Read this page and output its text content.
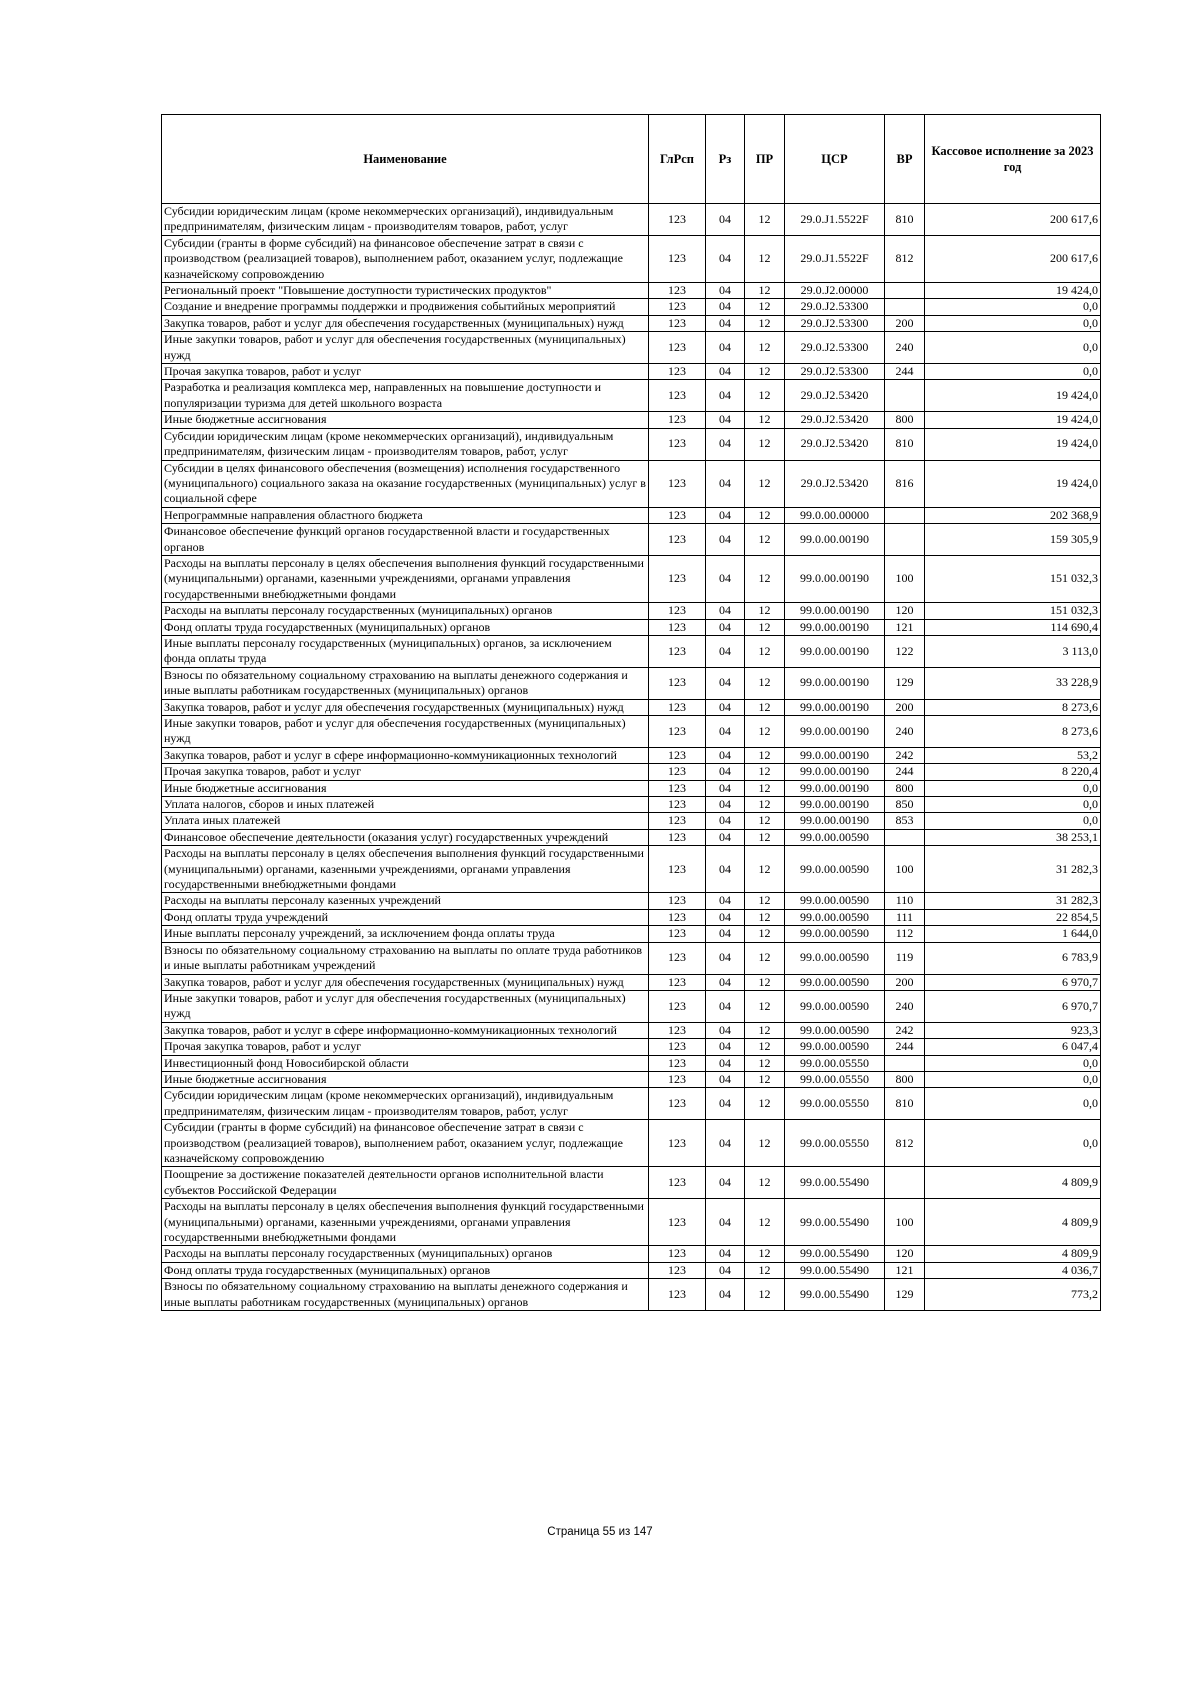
Наименование	ГлРсп	Рз	ПР	ЦСР	ВР	Кассовое исполнение за 2023 год
Субсидии юридическим лицам (кроме некоммерческих организаций), индивидуальным предпринимателям, физическим лицам - производителям товаров, работ, услуг	123	04	12	29.0.J1.5522F	810	200 617,6
Субсидии (гранты в форме субсидий) на финансовое обеспечение затрат в связи с производством (реализацией товаров), выполнением работ, оказанием услуг, подлежащие казначейскому сопровождению	123	04	12	29.0.J1.5522F	812	200 617,6
Региональный проект "Повышение доступности туристических продуктов"	123	04	12	29.0.J2.00000		19 424,0
Создание и внедрение программы поддержки и продвижения событийных мероприятий	123	04	12	29.0.J2.53300		0,0
Закупка товаров, работ и услуг для обеспечения государственных (муниципальных) нужд	123	04	12	29.0.J2.53300	200	0,0
Иные закупки товаров, работ и услуг для обеспечения государственных (муниципальных) нужд	123	04	12	29.0.J2.53300	240	0,0
Прочая закупка товаров, работ и услуг	123	04	12	29.0.J2.53300	244	0,0
Разработка и реализация комплекса мер, направленных на повышение доступности и популяризации туризма для детей школьного возраста	123	04	12	29.0.J2.53420		19 424,0
Иные бюджетные ассигнования	123	04	12	29.0.J2.53420	800	19 424,0
Субсидии юридическим лицам (кроме некоммерческих организаций), индивидуальным предпринимателям, физическим лицам - производителям товаров, работ, услуг	123	04	12	29.0.J2.53420	810	19 424,0
Субсидии в целях финансового обеспечения (возмещения) исполнения государственного (муниципального) социального заказа на оказание государственных (муниципальных) услуг в социальной сфере	123	04	12	29.0.J2.53420	816	19 424,0
Непрограммные направления областного бюджета	123	04	12	99.0.00.00000		202 368,9
Финансовое обеспечение функций органов государственной власти и государственных органов	123	04	12	99.0.00.00190		159 305,9
Расходы на выплаты персоналу в целях обеспечения выполнения функций государственными (муниципальными) органами, казенными учреждениями, органами управления государственными внебюджетными фондами	123	04	12	99.0.00.00190	100	151 032,3
Расходы на выплаты персоналу государственных (муниципальных) органов	123	04	12	99.0.00.00190	120	151 032,3
Фонд оплаты труда государственных (муниципальных) органов	123	04	12	99.0.00.00190	121	114 690,4
Иные выплаты персоналу государственных (муниципальных) органов, за исключением фонда оплаты труда	123	04	12	99.0.00.00190	122	3 113,0
Взносы по обязательному социальному страхованию на выплаты денежного содержания и иные выплаты работникам государственных (муниципальных) органов	123	04	12	99.0.00.00190	129	33 228,9
Закупка товаров, работ и услуг для обеспечения государственных (муниципальных) нужд	123	04	12	99.0.00.00190	200	8 273,6
Иные закупки товаров, работ и услуг для обеспечения государственных (муниципальных) нужд	123	04	12	99.0.00.00190	240	8 273,6
Закупка товаров, работ и услуг в сфере информационно-коммуникационных технологий	123	04	12	99.0.00.00190	242	53,2
Прочая закупка товаров, работ и услуг	123	04	12	99.0.00.00190	244	8 220,4
Иные бюджетные ассигнования	123	04	12	99.0.00.00190	800	0,0
Уплата налогов, сборов и иных платежей	123	04	12	99.0.00.00190	850	0,0
Уплата иных платежей	123	04	12	99.0.00.00190	853	0,0
Финансовое обеспечение деятельности (оказания услуг) государственных учреждений	123	04	12	99.0.00.00590		38 253,1
Расходы на выплаты персоналу в целях обеспечения выполнения функций государственными (муниципальными) органами, казенными учреждениями, органами управления государственными внебюджетными фондами	123	04	12	99.0.00.00590	100	31 282,3
Расходы на выплаты персоналу казенных учреждений	123	04	12	99.0.00.00590	110	31 282,3
Фонд оплаты труда учреждений	123	04	12	99.0.00.00590	111	22 854,5
Иные выплаты персоналу учреждений, за исключением фонда оплаты труда	123	04	12	99.0.00.00590	112	1 644,0
Взносы по обязательному социальному страхованию на выплаты по оплате труда работников и иные выплаты работникам учреждений	123	04	12	99.0.00.00590	119	6 783,9
Закупка товаров, работ и услуг для обеспечения государственных (муниципальных) нужд	123	04	12	99.0.00.00590	200	6 970,7
Иные закупки товаров, работ и услуг для обеспечения государственных (муниципальных) нужд	123	04	12	99.0.00.00590	240	6 970,7
Закупка товаров, работ и услуг в сфере информационно-коммуникационных технологий	123	04	12	99.0.00.00590	242	923,3
Прочая закупка товаров, работ и услуг	123	04	12	99.0.00.00590	244	6 047,4
Инвестиционный фонд Новосибирской области	123	04	12	99.0.00.05550		0,0
Иные бюджетные ассигнования	123	04	12	99.0.00.05550	800	0,0
Субсидии юридическим лицам (кроме некоммерческих организаций), индивидуальным предпринимателям, физическим лицам - производителям товаров, работ, услуг	123	04	12	99.0.00.05550	810	0,0
Субсидии (гранты в форме субсидий) на финансовое обеспечение затрат в связи с производством (реализацией товаров), выполнением работ, оказанием услуг, подлежащие казначейскому сопровождению	123	04	12	99.0.00.05550	812	0,0
Поощрение за достижение показателей деятельности органов исполнительной власти субъектов Российской Федерации	123	04	12	99.0.00.55490		4 809,9
Расходы на выплаты персоналу в целях обеспечения выполнения функций государственными (муниципальными) органами, казенными учреждениями, органами управления государственными внебюджетными фондами	123	04	12	99.0.00.55490	100	4 809,9
Расходы на выплаты персоналу государственных (муниципальных) органов	123	04	12	99.0.00.55490	120	4 809,9
Фонд оплаты труда государственных (муниципальных) органов	123	04	12	99.0.00.55490	121	4 036,7
Взносы по обязательному социальному страхованию на выплаты денежного содержания и иные выплаты работникам государственных (муниципальных) органов	123	04	12	99.0.00.55490	129	773,2
Страница 55 из 147
